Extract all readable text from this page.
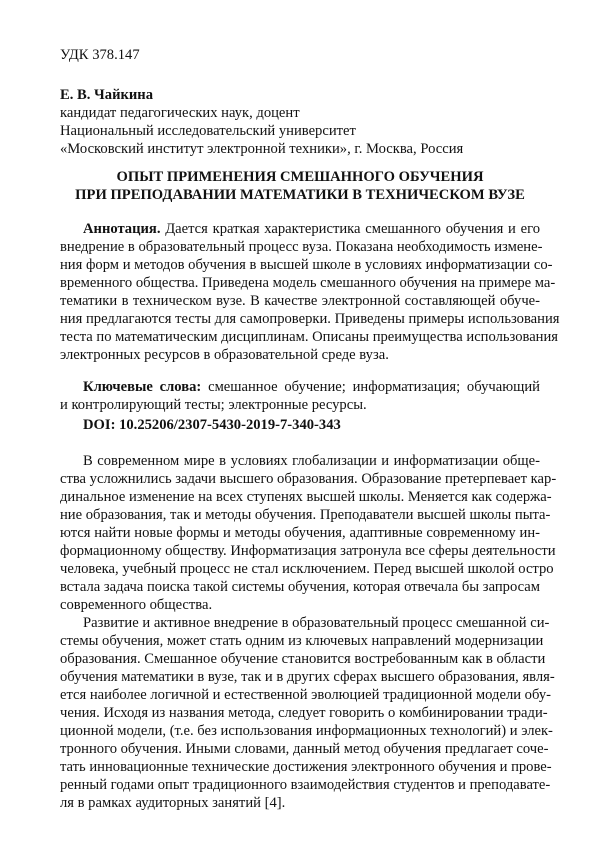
УДК 378.147
Е. В. Чайкина
кандидат педагогических наук, доцент
Национальный исследовательский университет
«Московский институт электронной техники», г. Москва, Россия
ОПЫТ ПРИМЕНЕНИЯ СМЕШАННОГО ОБУЧЕНИЯ
ПРИ ПРЕПОДАВАНИИ МАТЕМАТИКИ В ТЕХНИЧЕСКОМ ВУЗЕ
Аннотация. Дается краткая характеристика смешанного обучения и его
внедрение в образовательный процесс вуза. Показана необходимость измене-
ния форм и методов обучения в высшей школе в условиях информатизации со-
временного общества. Приведена модель смешанного обучения на примере ма-
тематики в техническом вузе. В качестве электронной составляющей обуче-
ния предлагаются тесты для самопроверки. Приведены примеры использования
теста по математическим дисциплинам. Описаны преимущества использования
электронных ресурсов в образовательной среде вуза.
Ключевые слова: смешанное обучение; информатизация; обучающий
и контролирующий тесты; электронные ресурсы.
DOI: 10.25206/2307-5430-2019-7-340-343
В современном мире в условиях глобализации и информатизации обще-
ства усложнились задачи высшего образования. Образование претерпевает кар-
динальное изменение на всех ступенях высшей школы. Меняется как содержа-
ние образования, так и методы обучения. Преподаватели высшей школы пыта-
ются найти новые формы и методы обучения, адаптивные современному ин-
формационному обществу. Информатизация затронула все сферы деятельности
человека, учебный процесс не стал исключением. Перед высшей школой остро
встала задача поиска такой системы обучения, которая отвечала бы запросам
современного общества.
Развитие и активное внедрение в образовательный процесс смешанной си-
стемы обучения, может стать одним из ключевых направлений модернизации
образования. Смешанное обучение становится востребованным как в области
обучения математики в вузе, так и в других сферах высшего образования, явля-
ется наиболее логичной и естественной эволюцией традиционной модели обу-
чения. Исходя из названия метода, следует говорить о комбинировании тради-
ционной модели, (т.е. без использования информационных технологий) и элек-
тронного обучения. Иными словами, данный метод обучения предлагает соче-
тать инновационные технические достижения электронного обучения и прове-
ренный годами опыт традиционного взаимодействия студентов и преподавате-
ля в рамках аудиторных занятий [4].
